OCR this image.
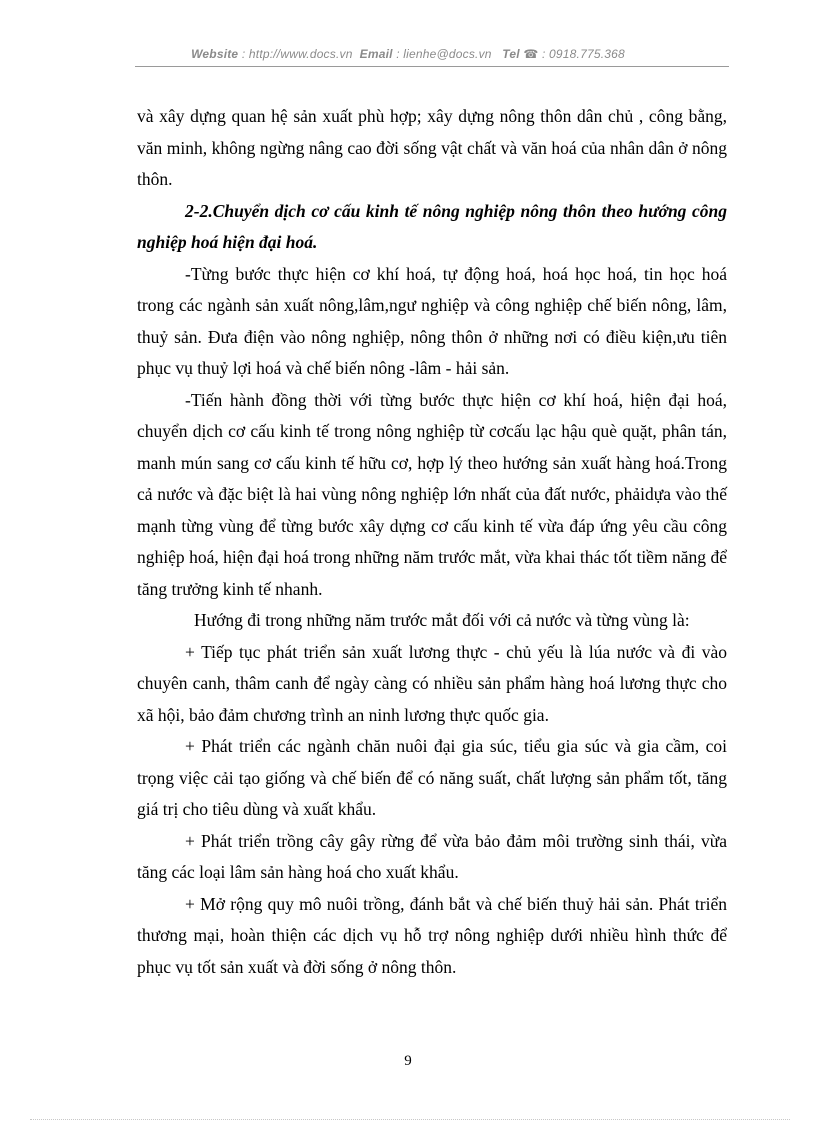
Website : http://www.docs.vn Email : lienhe@docs.vn Tel ☎ : 0918.775.368

và xây dựng quan hệ sản xuất phù hợp; xây dựng nông thôn dân chủ , công bằng, văn minh, không ngừng nâng cao đời sống vật chất và văn hoá của nhân dân ở nông thôn.

2-2.Chuyển dịch cơ cấu kinh tế nông nghiệp nông thôn theo hướng công nghiệp hoá hiện đại hoá.

-Từng bước thực hiện cơ khí hoá, tự động hoá, hoá học hoá, tin học hoá trong các ngành sản xuất nông,lâm,ngư nghiệp và công nghiệp chế biến nông, lâm, thuỷ sản. Đưa điện vào nông nghiệp, nông thôn ở những nơi có điều kiện,ưu tiên phục vụ thuỷ lợi hoá và chế biến nông -lâm - hải sản.

-Tiến hành đồng thời với từng bước thực hiện cơ khí hoá, hiện đại hoá, chuyển dịch cơ cấu kinh tế trong nông nghiệp từ cơcấu lạc hậu què quặt, phân tán, manh mún sang cơ cấu kinh tế hữu cơ, hợp lý theo hướng sản xuất hàng hoá.Trong cả nước và đặc biệt là hai vùng nông nghiệp lớn nhất của đất nước, phảidựa vào thế mạnh từng vùng để từng bước xây dựng cơ cấu kinh tế vừa đáp ứng yêu cầu công nghiệp hoá, hiện đại hoá trong những năm trước mắt, vừa khai thác tốt tiềm năng để tăng trưởng kinh tế nhanh.

Hướng đi trong những năm trước mắt đối với cả nước và từng vùng là:

+ Tiếp tục phát triển sản xuất lương thực - chủ yếu là lúa nước và đi vào chuyên canh, thâm canh để ngày càng có nhiều sản phẩm hàng hoá lương thực cho xã hội, bảo đảm chương trình an ninh lương thực quốc gia.

+ Phát triển các ngành chăn nuôi đại gia súc, tiểu gia súc và gia cầm, coi trọng việc cải tạo giống và chế biến để có năng suất, chất lượng sản phẩm tốt, tăng giá trị cho tiêu dùng và xuất khẩu.

+ Phát triển trồng cây gây rừng để vừa bảo đảm môi trường sinh thái, vừa tăng các loại lâm sản hàng hoá cho xuất khẩu.

+ Mở rộng quy mô nuôi trồng, đánh bắt và chế biến thuỷ hải sản. Phát triển thương mại, hoàn thiện các dịch vụ hỗ trợ nông nghiệp dưới nhiều hình thức để phục vụ tốt sản xuất và đời sống ở nông thôn.

9
